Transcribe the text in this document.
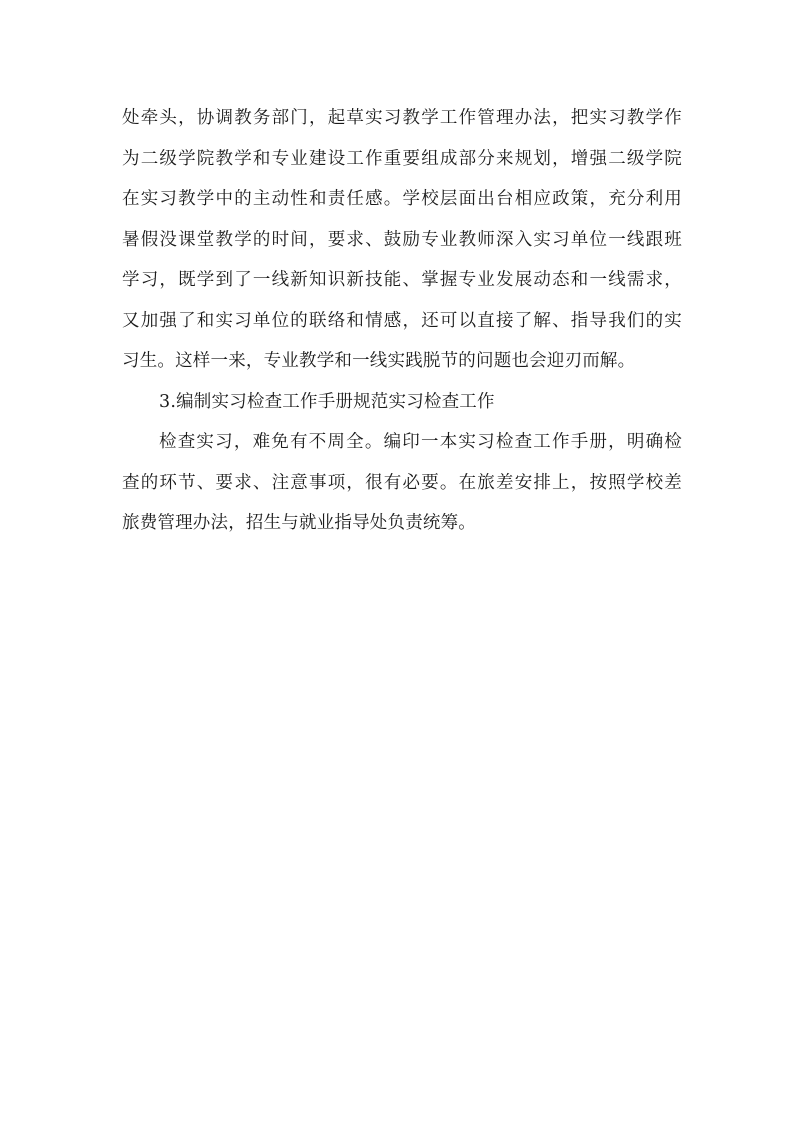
处牵头，协调教务部门，起草实习教学工作管理办法，把实习教学作
为二级学院教学和专业建设工作重要组成部分来规划，增强二级学院
在实习教学中的主动性和责任感。学校层面出台相应政策，充分利用
暑假没课堂教学的时间，要求、鼓励专业教师深入实习单位一线跟班
学习，既学到了一线新知识新技能、掌握专业发展动态和一线需求，
又加强了和实习单位的联络和情感，还可以直接了解、指导我们的实
习生。这样一来，专业教学和一线实践脱节的问题也会迎刃而解。
3.编制实习检查工作手册规范实习检查工作
检查实习，难免有不周全。编印一本实习检查工作手册，明确检
查的环节、要求、注意事项，很有必要。在旅差安排上，按照学校差
旅费管理办法，招生与就业指导处负责统筹。
